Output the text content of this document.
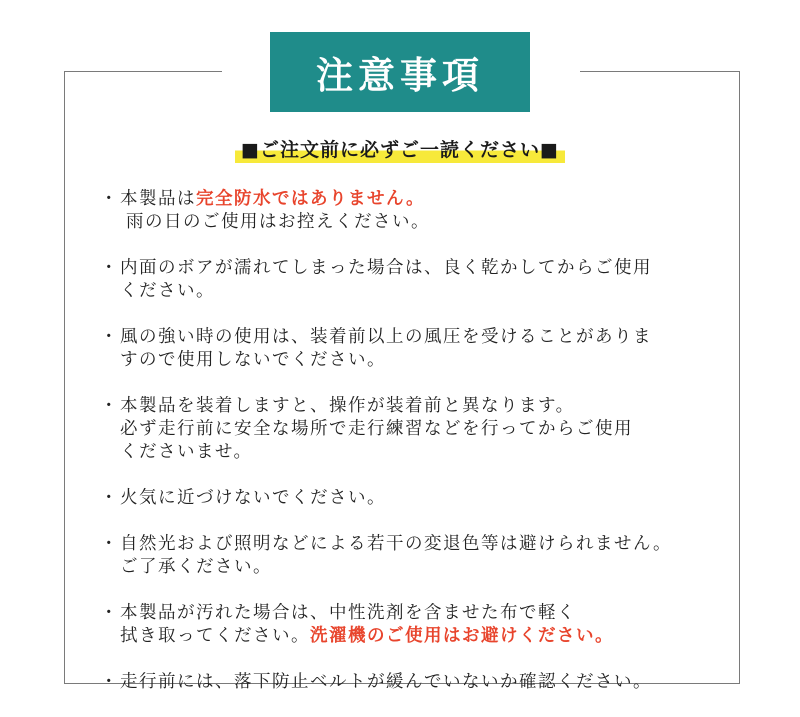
注意事項
■ご注文前に必ずご一読ください■
・ 本製品は完全防水ではありません。
雨の日のご使用はお控えください。
・ 内面のボアが濡れてしまった場合は、良く乾かしてからご使用
ください。
・ 風の強い時の使用は、装着前以上の風圧を受けることがありま
すので使用しないでください。
・ 本製品を装着しますと、操作が装着前と異なります。
必ず走行前に安全な場所で走行練習などを行ってからご使用
くださいませ。
・ 火気に近づけないでください。
・ 自然光および照明などによる若干の変退色等は避けられません。
ご了承ください。
・ 本製品が汚れた場合は、中性洗剤を含ませた布で軽く
拭き取ってください。洗濯機のご使用はお避けください。
・ 走行前には、落下防止ベルトが緩んでいないか確認ください。
